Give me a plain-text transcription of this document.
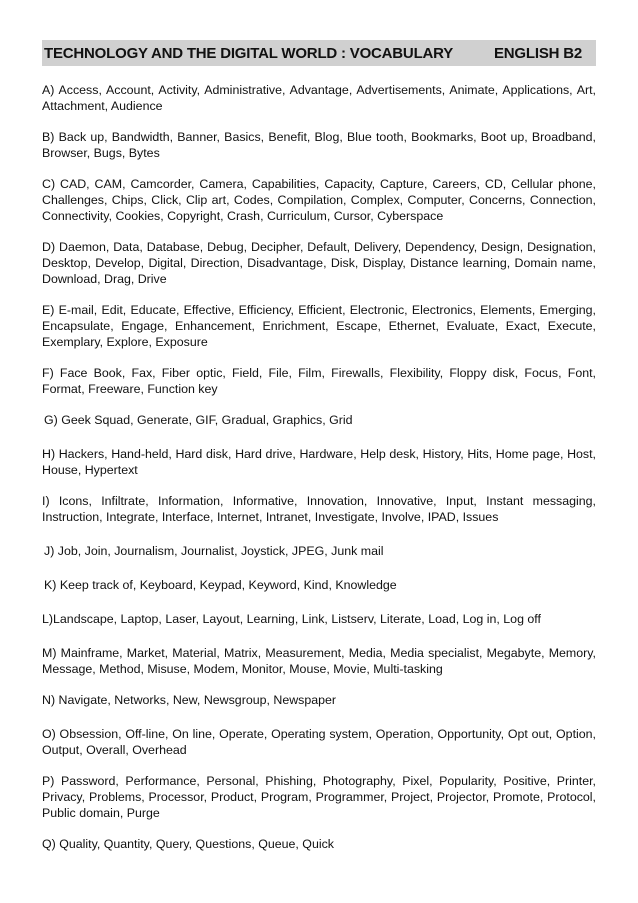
TECHNOLOGY AND THE DIGITAL WORLD : VOCABULARY	ENGLISH B2

A) Access, Account, Activity, Administrative, Advantage, Advertisements, Animate, Applications, Art, Attachment, Audience

B) Back up, Bandwidth, Banner, Basics, Benefit, Blog, Blue tooth, Bookmarks, Boot up, Broadband, Browser, Bugs, Bytes

C) CAD, CAM, Camcorder, Camera, Capabilities, Capacity, Capture, Careers, CD, Cellular phone, Challenges, Chips, Click, Clip art, Codes, Compilation, Complex, Computer, Concerns, Connection, Connectivity, Cookies, Copyright, Crash, Curriculum, Cursor, Cyberspace

D) Daemon, Data, Database, Debug, Decipher, Default, Delivery, Dependency, Design, Designation, Desktop, Develop, Digital, Direction, Disadvantage, Disk, Display, Distance learning, Domain name, Download, Drag, Drive

E) E-mail, Edit, Educate, Effective, Efficiency, Efficient, Electronic, Electronics, Elements, Emerging, Encapsulate, Engage, Enhancement, Enrichment, Escape, Ethernet, Evaluate, Exact, Execute, Exemplary, Explore, Exposure

F) Face Book, Fax, Fiber optic, Field, File, Film, Firewalls, Flexibility, Floppy disk, Focus, Font, Format, Freeware, Function key

G) Geek Squad, Generate, GIF, Gradual, Graphics, Grid

H) Hackers, Hand-held, Hard disk, Hard drive, Hardware, Help desk, History, Hits, Home page, Host, House, Hypertext

I) Icons, Infiltrate, Information, Informative, Innovation, Innovative, Input, Instant messaging, Instruction, Integrate, Interface, Internet, Intranet, Investigate, Involve, IPAD, Issues

J) Job, Join, Journalism, Journalist, Joystick, JPEG, Junk mail

K) Keep track of, Keyboard, Keypad, Keyword, Kind, Knowledge

L)Landscape, Laptop, Laser, Layout, Learning, Link, Listserv, Literate, Load, Log in, Log off

M) Mainframe, Market, Material, Matrix, Measurement, Media, Media specialist, Megabyte, Memory, Message, Method, Misuse, Modem, Monitor, Mouse, Movie, Multi-tasking

N) Navigate, Networks, New, Newsgroup, Newspaper

O) Obsession, Off-line, On line, Operate, Operating system, Operation, Opportunity, Opt out, Option, Output, Overall, Overhead

P) Password, Performance, Personal, Phishing, Photography, Pixel, Popularity, Positive, Printer, Privacy, Problems, Processor, Product, Program, Programmer, Project, Projector, Promote, Protocol, Public domain, Purge

Q) Quality, Quantity, Query, Questions, Queue, Quick
